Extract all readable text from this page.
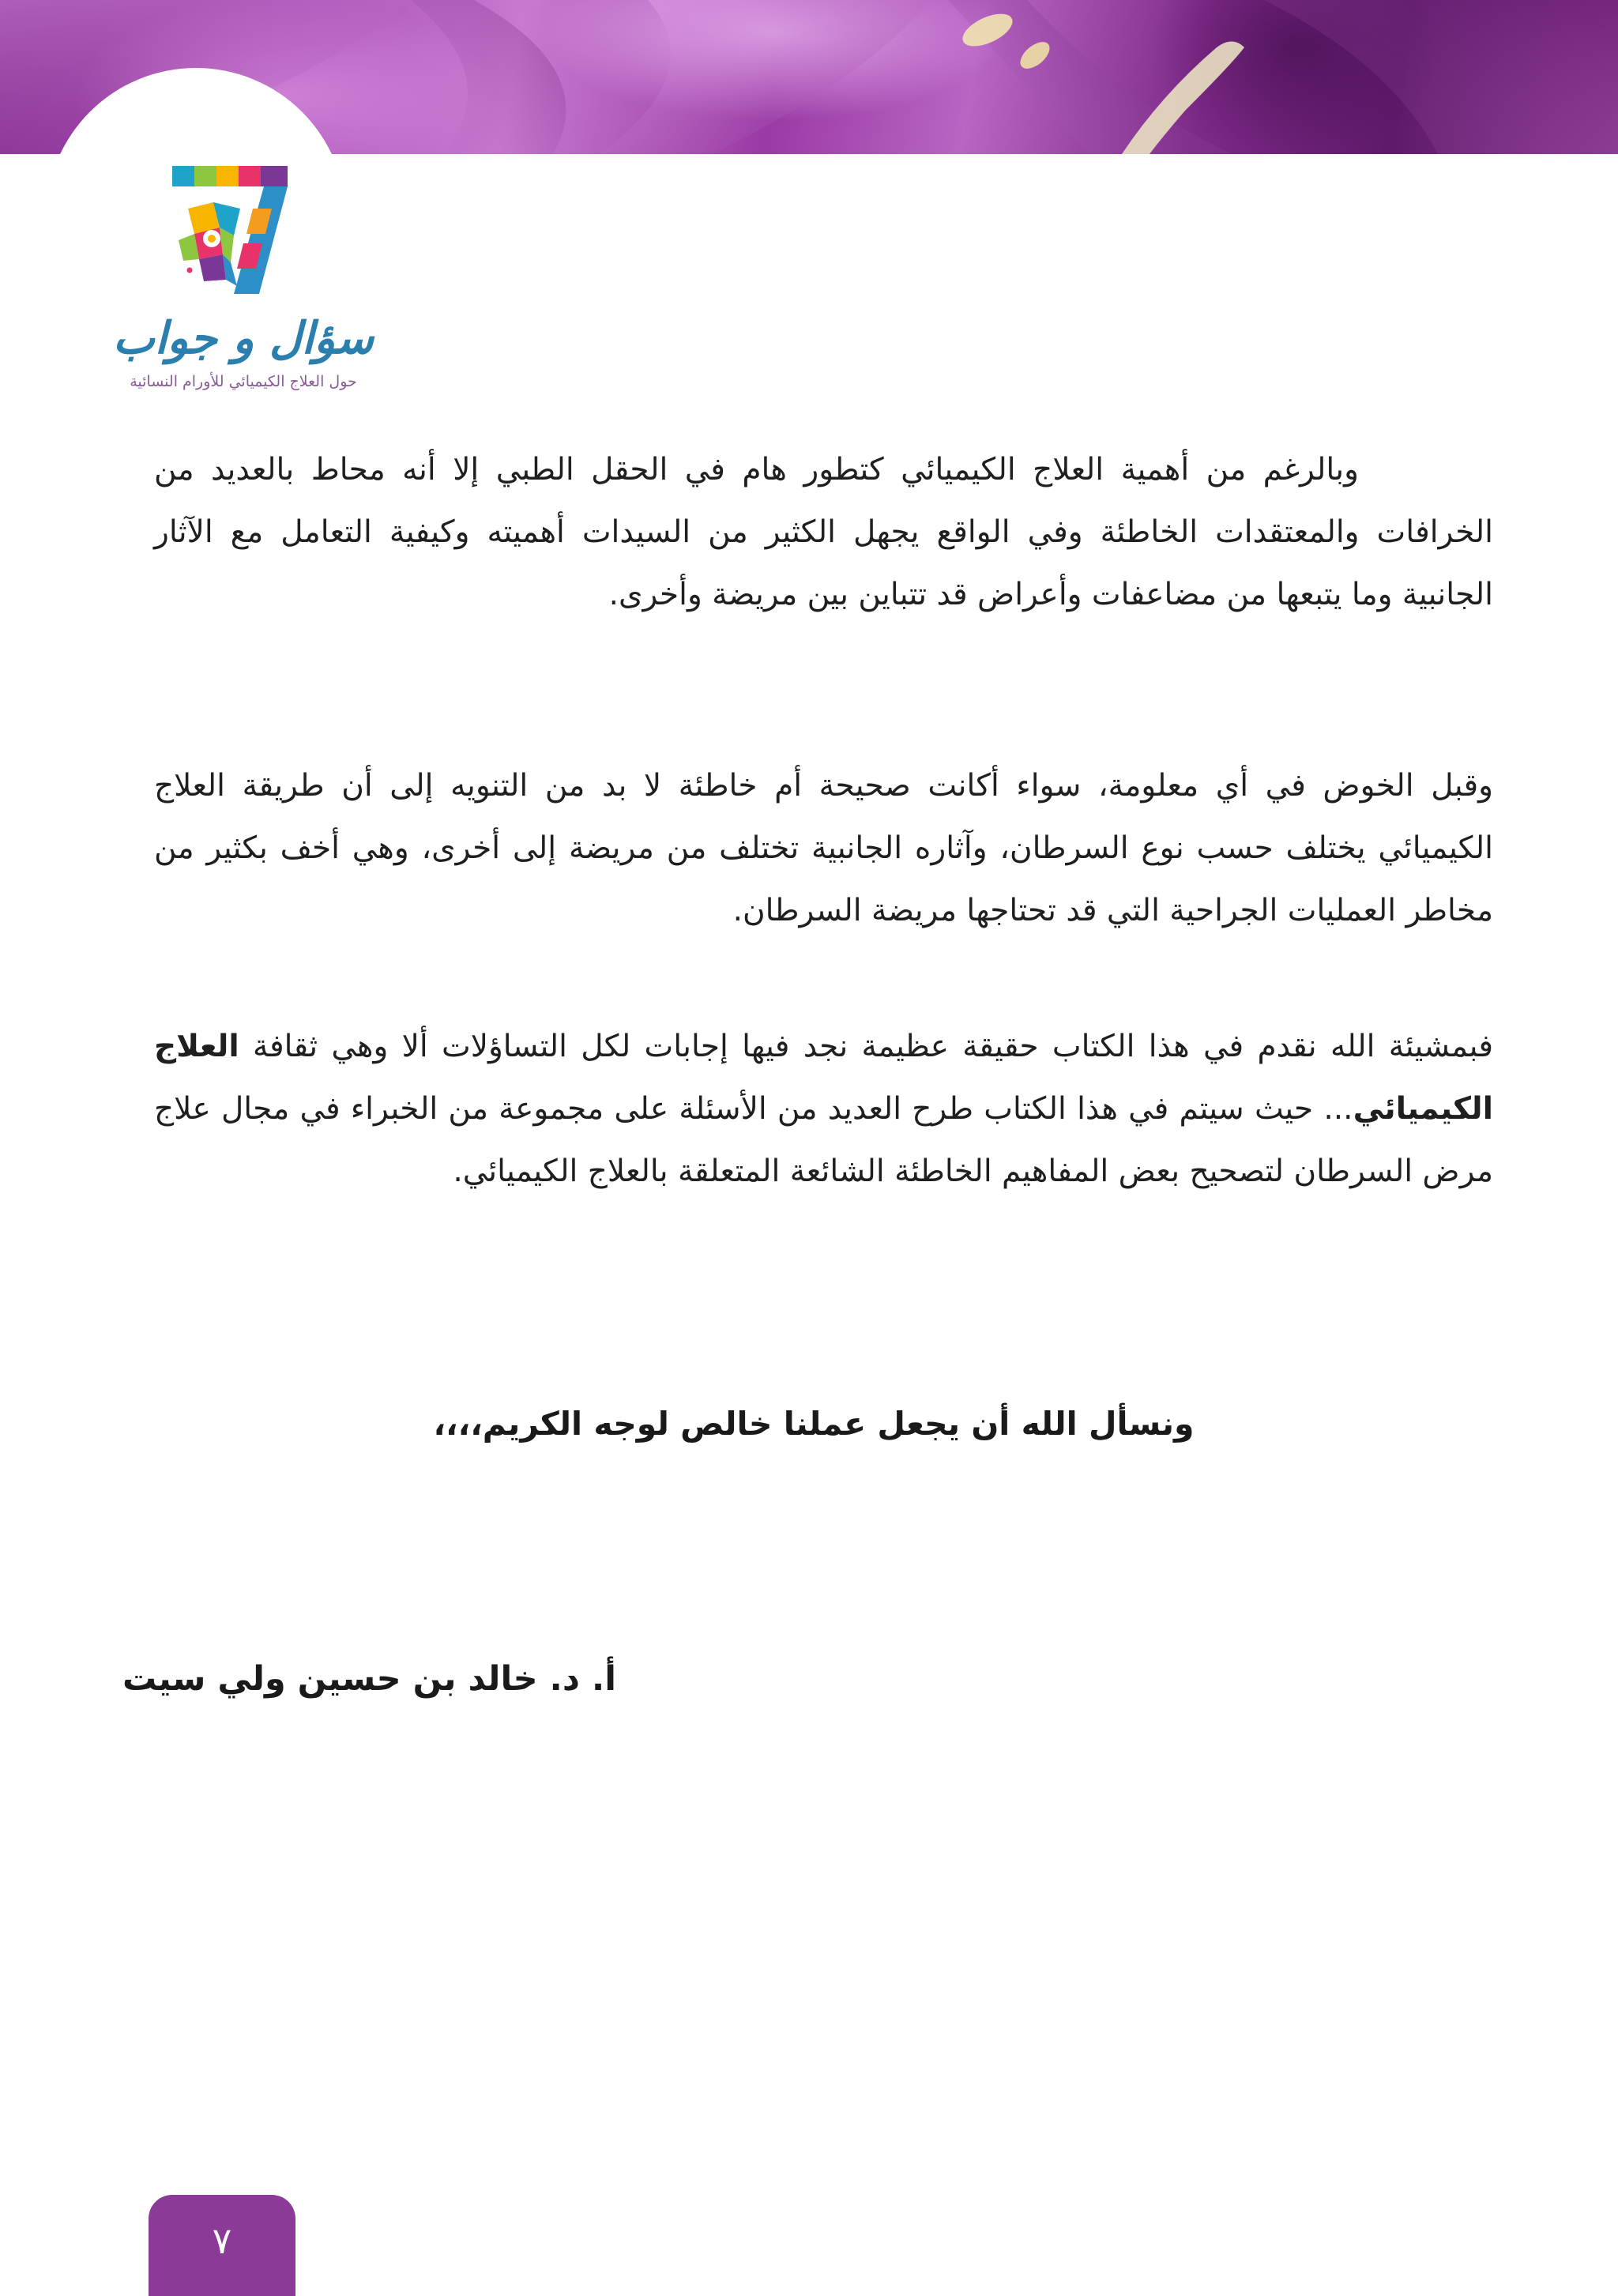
سؤال و جواب
حول العلاج الكيميائي للأورام النسائية

وبالرغم من أهمية العلاج الكيميائي كتطور هام في الحقل الطبي إلا أنه محاط بالعديد من الخرافات والمعتقدات الخاطئة وفي الواقع يجهل الكثير من السيدات أهميته وكيفية التعامل مع الآثار الجانبية وما يتبعها من مضاعفات وأعراض قد تتباين بين مريضة وأخرى.

وقبل الخوض في أي معلومة، سواء أكانت صحيحة أم خاطئة لا بد من التنويه إلى أن طريقة العلاج الكيميائي يختلف حسب نوع السرطان، وآثاره الجانبية تختلف من مريضة إلى أخرى، وهي أخف بكثير من مخاطر العمليات الجراحية التي قد تحتاجها مريضة السرطان.

فبمشيئة الله نقدم في هذا الكتاب حقيقة عظيمة نجد فيها إجابات لكل التساؤلات ألا وهي ثقافة العلاج الكيميائي... حيث سيتم في هذا الكتاب طرح العديد من الأسئلة على مجموعة من الخبراء في مجال علاج مرض السرطان لتصحيح بعض المفاهيم الخاطئة الشائعة المتعلقة بالعلاج الكيميائي.

ونسأل الله أن يجعل عملنا خالص لوجه الكريم،،،،
أ. د. خالد بن حسين ولي سيت
٧
